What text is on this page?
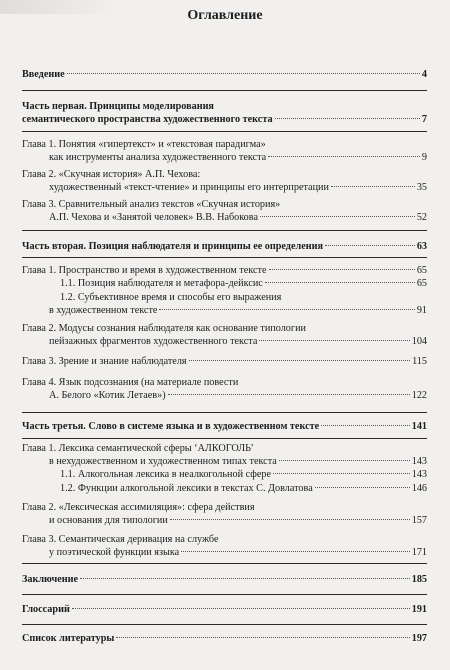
Оглавление
Введение	4
Часть первая. Принципы моделирования
семантического пространства художественного текста	7
Глава 1. Понятия «гипертекст» и «текстовая парадигма»
как инструменты анализа художественного текста	9
Глава 2. «Скучная история» А.П. Чехова:
художественный «текст-чтение» и принципы его интерпретации	35
Глава 3. Сравнительный анализ текстов «Скучная история»
А.П. Чехова и «Занятой человек» В.В. Набокова	52
Часть вторая. Позиция наблюдателя и принципы ее определения	63
Глава 1. Пространство и время в художественном тексте	65
1.1. Позиция наблюдателя и метафора-дейксис	65
1.2. Субъективное время и способы его выражения
в художественном тексте	91
Глава 2. Модусы сознания наблюдателя как основание типологии
пейзажных фрагментов художественного текста	104
Глава 3. Зрение и знание наблюдателя	115
Глава 4. Язык подсознания (на материале повести
А. Белого «Котик Летаев»)	122
Часть третья. Слово в системе языка и в художественном тексте	141
Глава 1. Лексика семантической сферы ‘АЛКОГОЛЬ’
в нехудожественном и художественном типах текста	143
1.1. Алкогольная лексика в неалкогольной сфере	143
1.2. Функции алкогольной лексики в текстах С. Довлатова	146
Глава 2. «Лексическая ассимиляция»: сфера действия
и основания для типологии	157
Глава 3. Семантическая деривация на службе
у поэтической функции языка	171
Заключение	185
Глоссарий	191
Список литературы	197
